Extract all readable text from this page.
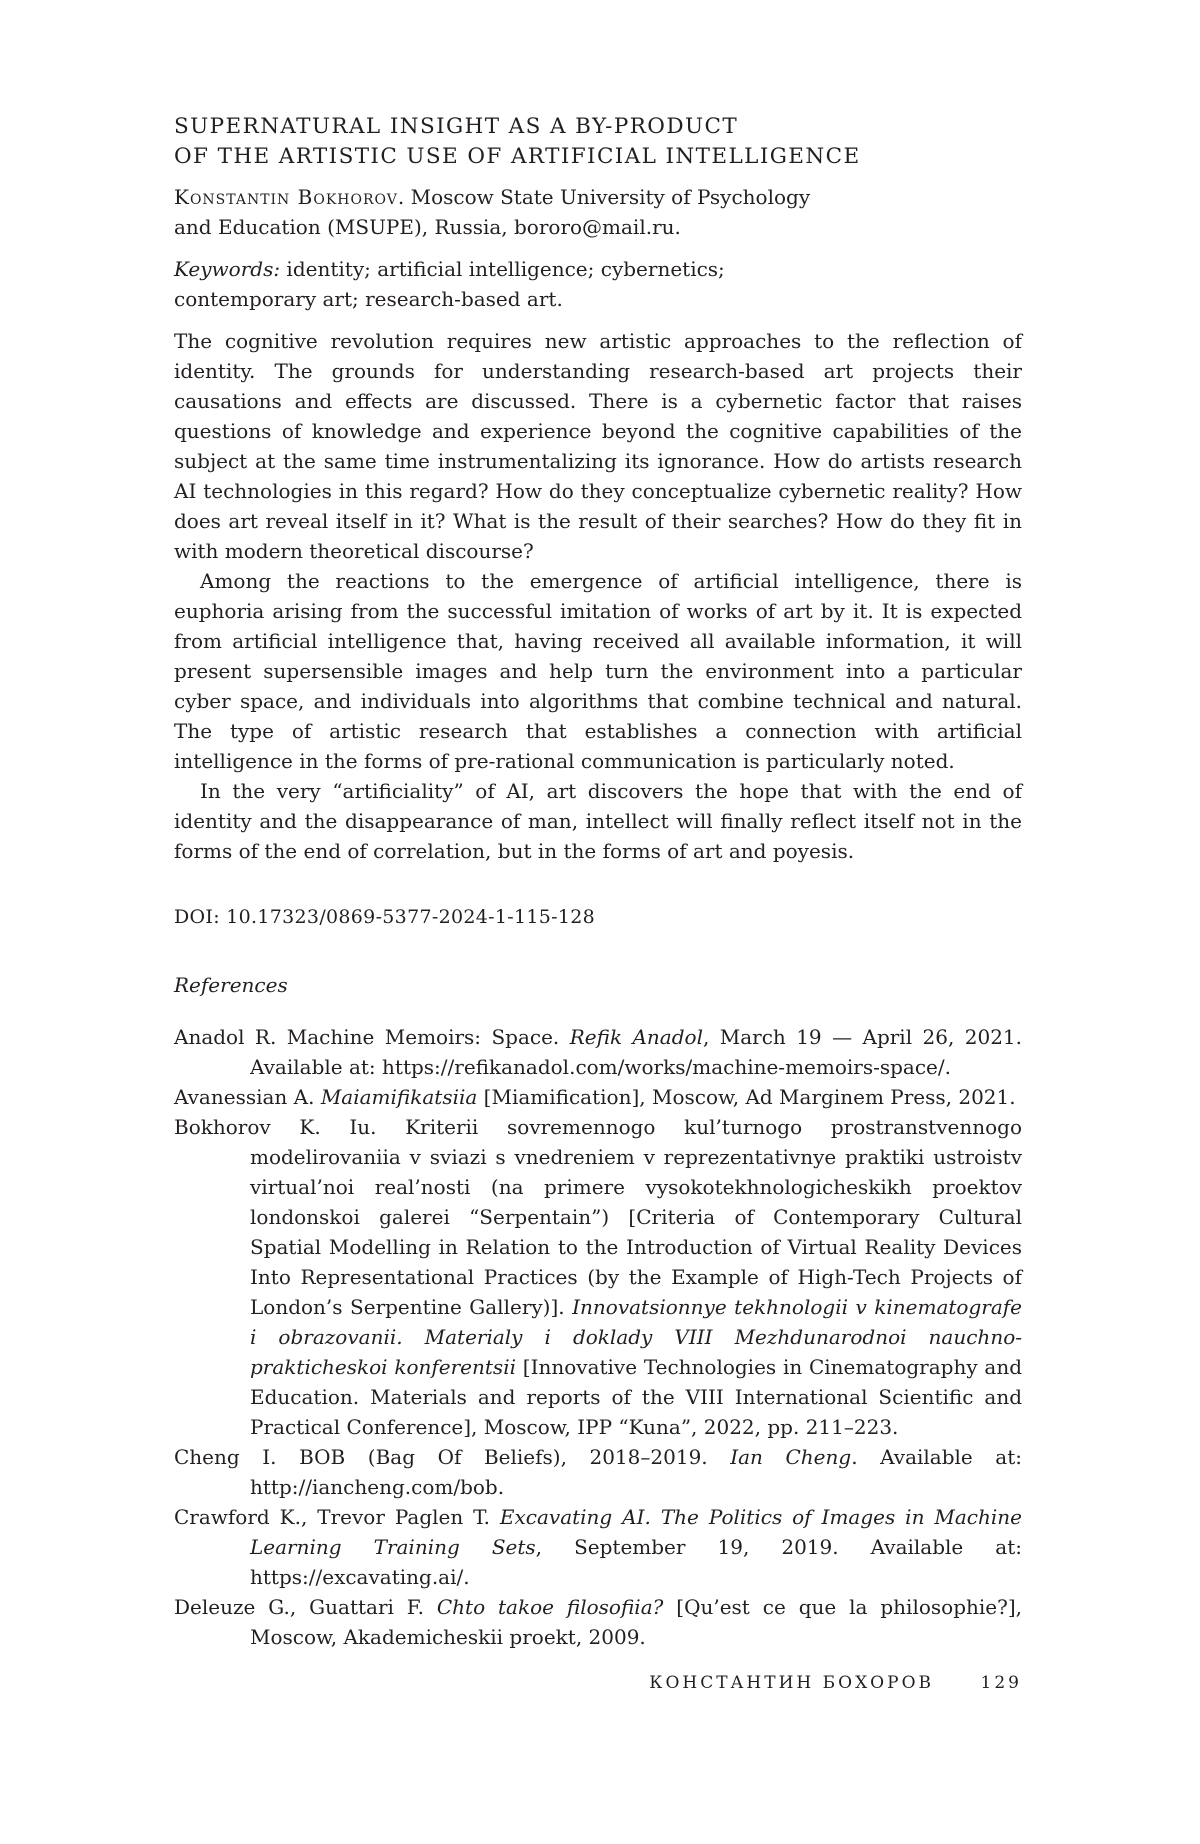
SUPERNATURAL INSIGHT AS A BY-PRODUCT
OF THE ARTISTIC USE OF ARTIFICIAL INTELLIGENCE
Konstantin Bokhorov. Moscow State University of Psychology
and Education (MSUPE), Russia, bororo@mail.ru.
Keywords: identity; artificial intelligence; cybernetics;
contemporary art; research-based art.

The cognitive revolution requires new artistic approaches to the reflection of identity. The grounds for understanding research-based art projects their causations and effects are discussed. There is a cybernetic factor that raises questions of knowledge and experience beyond the cognitive capabilities of the subject at the same time instrumentalizing its ignorance. How do artists research AI technologies in this regard? How do they conceptualize cybernetic reality? How does art reveal itself in it? What is the result of their searches? How do they fit in with modern theoretical discourse?

Among the reactions to the emergence of artificial intelligence, there is euphoria arising from the successful imitation of works of art by it. It is expected from artificial intelligence that, having received all available information, it will present supersensible images and help turn the environment into a particular cyber space, and individuals into algorithms that combine technical and natural. The type of artistic research that establishes a connection with artificial intelligence in the forms of pre-rational communication is particularly noted.

In the very “artificiality” of AI, art discovers the hope that with the end of identity and the disappearance of man, intellect will finally reflect itself not in the forms of the end of correlation, but in the forms of art and poyesis.

DOI: 10.17323/0869-5377-2024-1-115-128
References
Anadol R. Machine Memoirs: Space. Refik Anadol, March 19 — April 26, 2021. Available at: https://refikanadol.com/works/machine-memoirs-space/.
Avanessian A. Maiamifikatsiia [Miamification], Moscow, Ad Marginem Press, 2021.
Bokhorov K. Iu. Kriterii sovremennogo kul’turnogo prostranstvennogo modelirovaniia v sviazi s vnedreniem v reprezentativnye praktiki ustroistv virtual’noi real’nosti (na primere vysokotekhnologicheskikh proektov londonskoi galerei “Serpentain”) [Criteria of Contemporary Cultural Spatial Modelling in Relation to the Introduction of Virtual Reality Devices Into Representational Practices (by the Example of High-Tech Projects of London’s Serpentine Gallery)]. Innovatsionnye tekhnologii v kinematografe i obrazovanii. Materialy i doklady VIII Mezhdunarodnoi nauchno-prakticheskoi konferentsii [Innovative Technologies in Cinematography and Education. Materials and reports of the VIII International Scientific and Practical Conference], Moscow, IPP “Kuna”, 2022, pp. 211–223.
Cheng I. BOB (Bag Of Beliefs), 2018–2019. Ian Cheng. Available at: http://iancheng.com/bob.
Crawford K., Trevor Paglen T. Excavating AI. The Politics of Images in Machine Learning Training Sets, September 19, 2019. Available at: https://excavating.ai/.
Deleuze G., Guattari F. Chto takoe filosofiia? [Qu’est ce que la philosophie?], Moscow, Akademicheskii proekt, 2009.
КОНСТАНТИН БОХОРОВ	129
